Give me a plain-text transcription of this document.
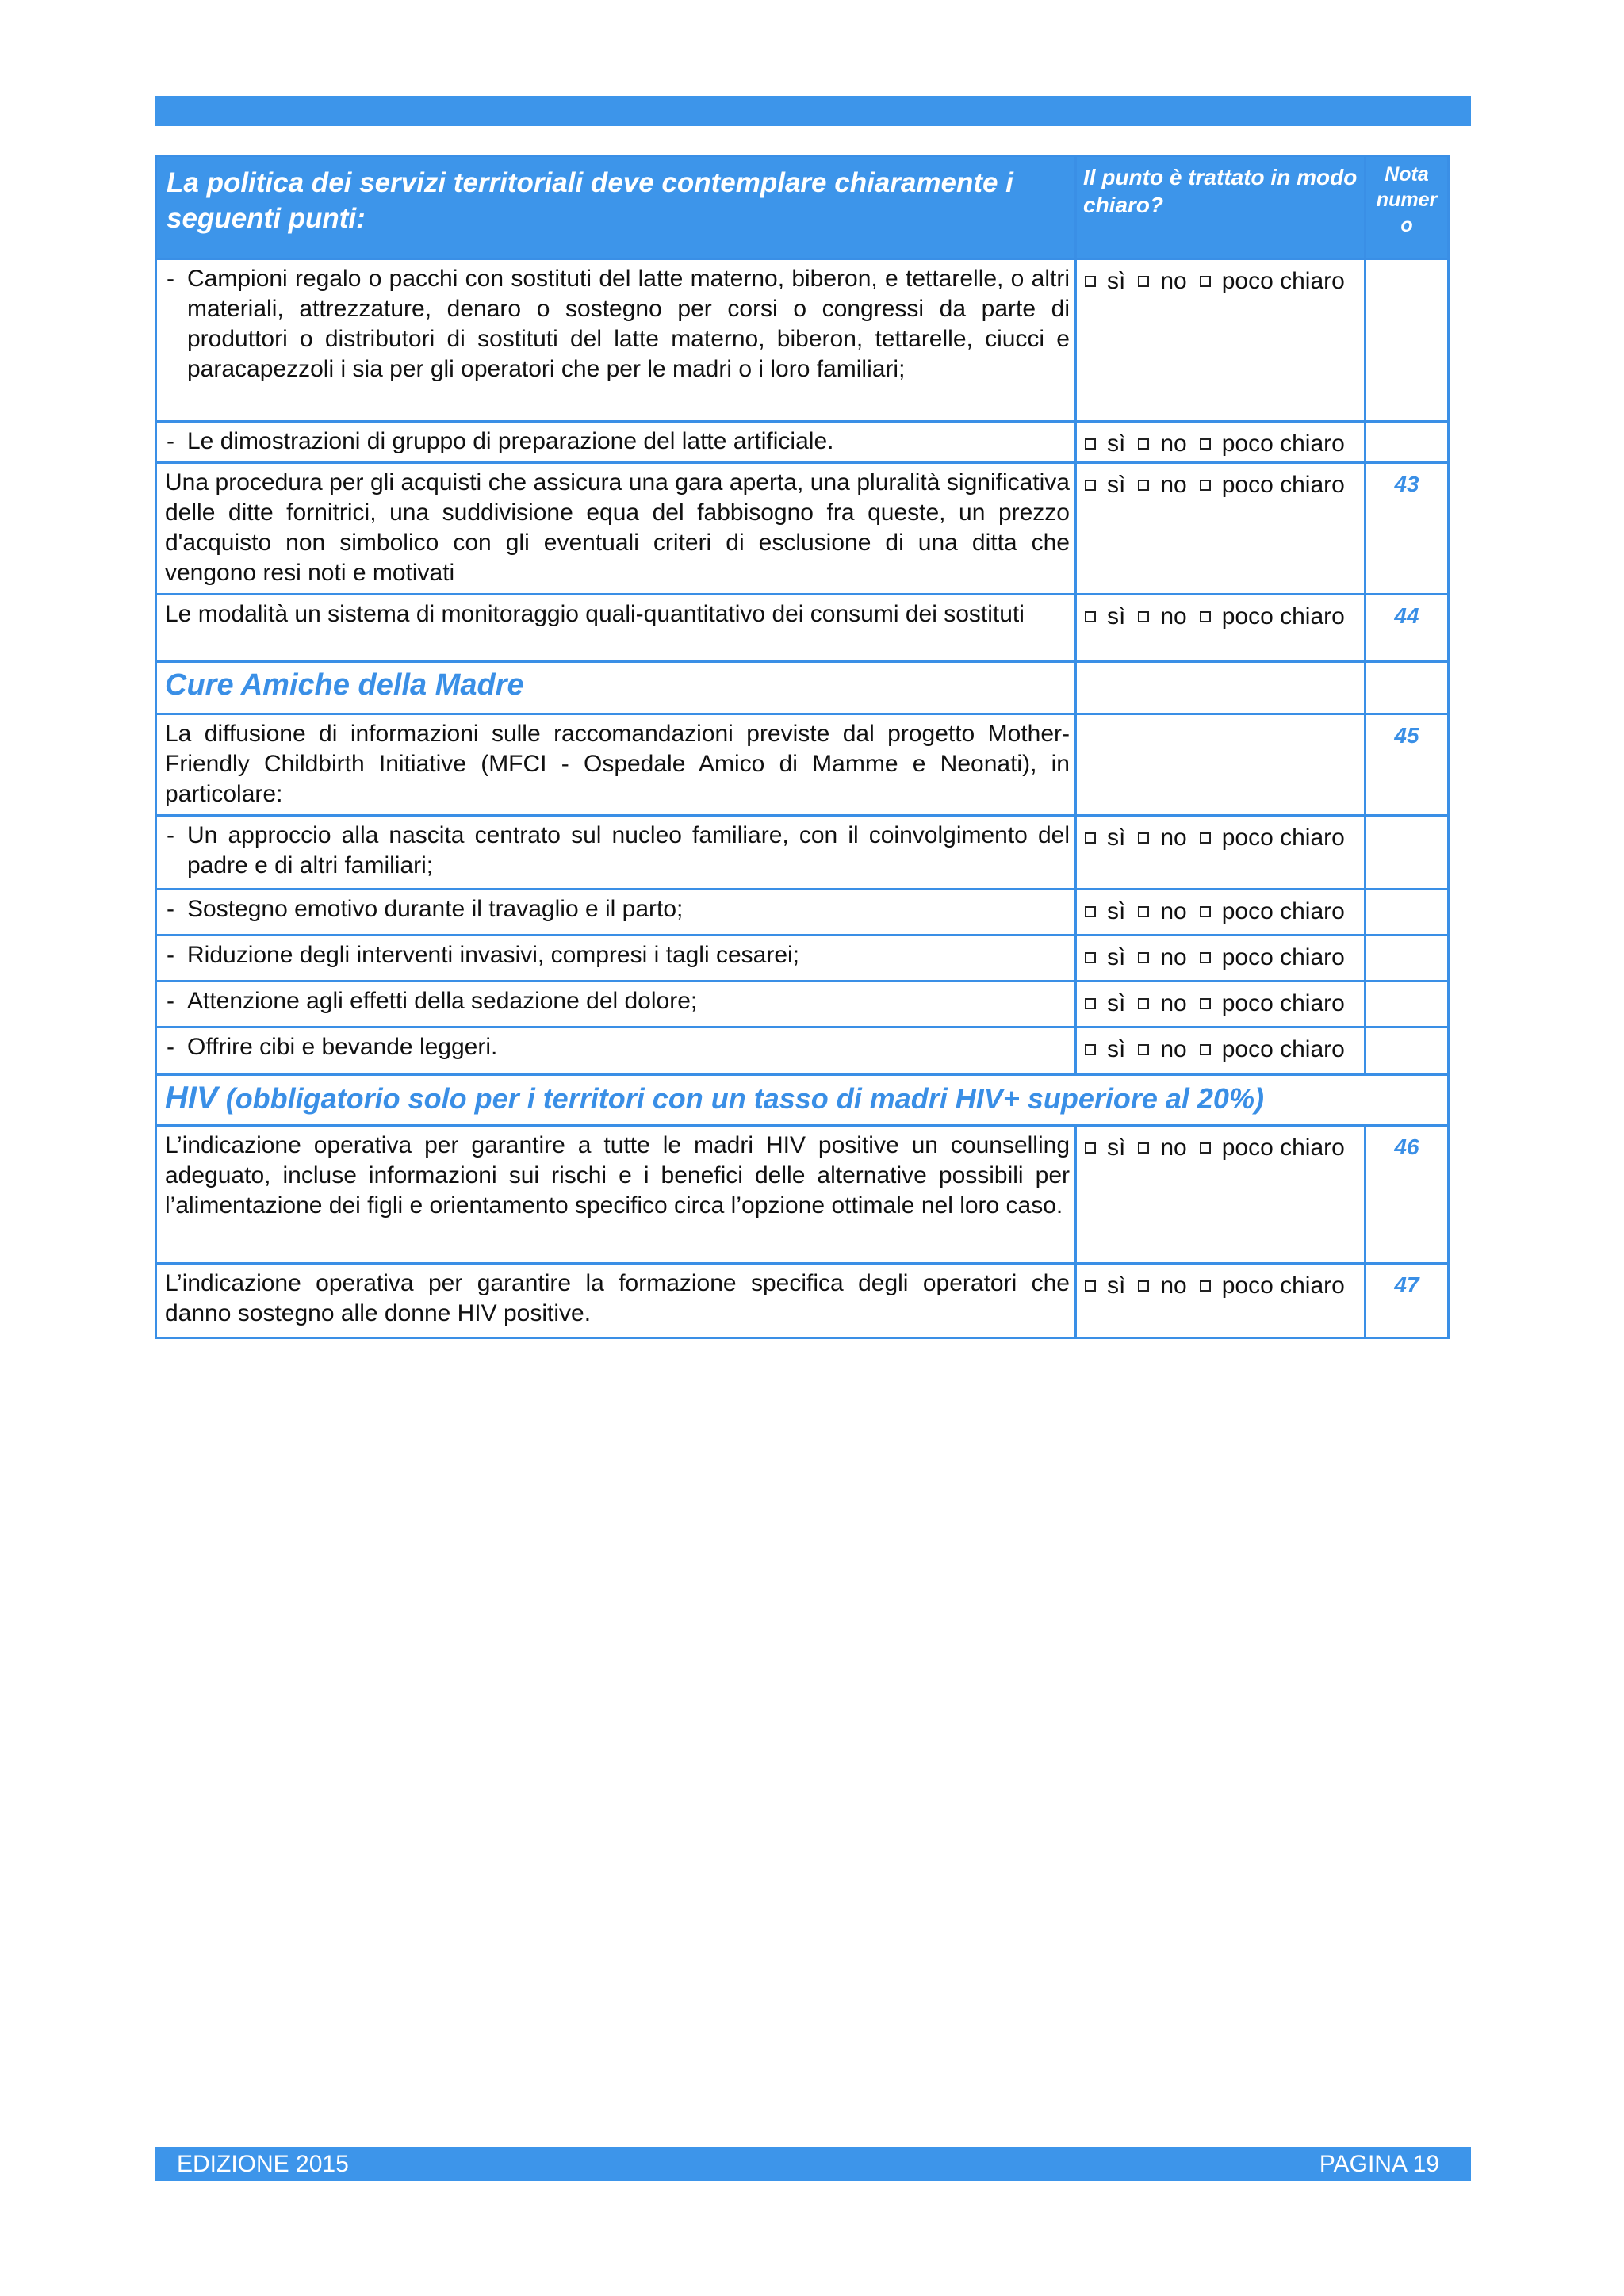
La politica dei servizi territoriali deve contemplare chiaramente i seguenti punti:	Il punto è trattato in modo chiaro?	Nota numer o

- Campioni regalo o pacchi con sostituti del latte materno, biberon, e tettarelle, o altri materiali, attrezzature, denaro o sostegno per corsi o congressi da parte di produttori o distributori di sostituti del latte materno, biberon, tettarelle, ciucci e paracapezzoli i sia per gli operatori che per le madri o i loro familiari;	sì no poco chiaro	

- Le dimostrazioni di gruppo di preparazione del latte artificiale.	sì no poco chiaro	
Una procedura per gli acquisti che assicura una gara aperta, una pluralità significativa delle ditte fornitrici, una suddivisione equa del fabbisogno fra queste, un prezzo d'acquisto non simbolico con gli eventuali criteri di esclusione di una ditta che vengono resi noti e motivati	sì no poco chiaro	43
Le modalità un sistema di monitoraggio quali-quantitativo dei consumi dei sostituti	sì no poco chiaro	44
Cure Amiche della Madre		
La diffusione di informazioni sulle raccomandazioni previste dal progetto Mother-Friendly Childbirth Initiative (MFCI - Ospedale Amico di Mamme e Neonati), in particolare:		45

- Un approccio alla nascita centrato sul nucleo familiare, con il coinvolgimento del padre e di altri familiari;	sì no poco chiaro	

- Sostegno emotivo durante il travaglio e il parto;	sì no poco chiaro	

- Riduzione degli interventi invasivi, compresi i tagli cesarei;	sì no poco chiaro	

- Attenzione agli effetti della sedazione del dolore;	sì no poco chiaro	

- Offrire cibi e bevande leggeri.	sì no poco chiaro	
HIV (obbligatorio solo per i territori con un tasso di madri HIV+ superiore al 20%)		
L’indicazione operativa per garantire a tutte le madri HIV positive un counselling adeguato, incluse informazioni sui rischi e i benefici delle alternative possibili per l’alimentazione dei figli e orientamento specifico circa l’opzione ottimale nel loro caso.	sì no poco chiaro	46
L’indicazione operativa per garantire la formazione specifica degli operatori che danno sostegno alle donne HIV positive.	sì no poco chiaro	47
EDIZIONE 2015	PAGINA 19
